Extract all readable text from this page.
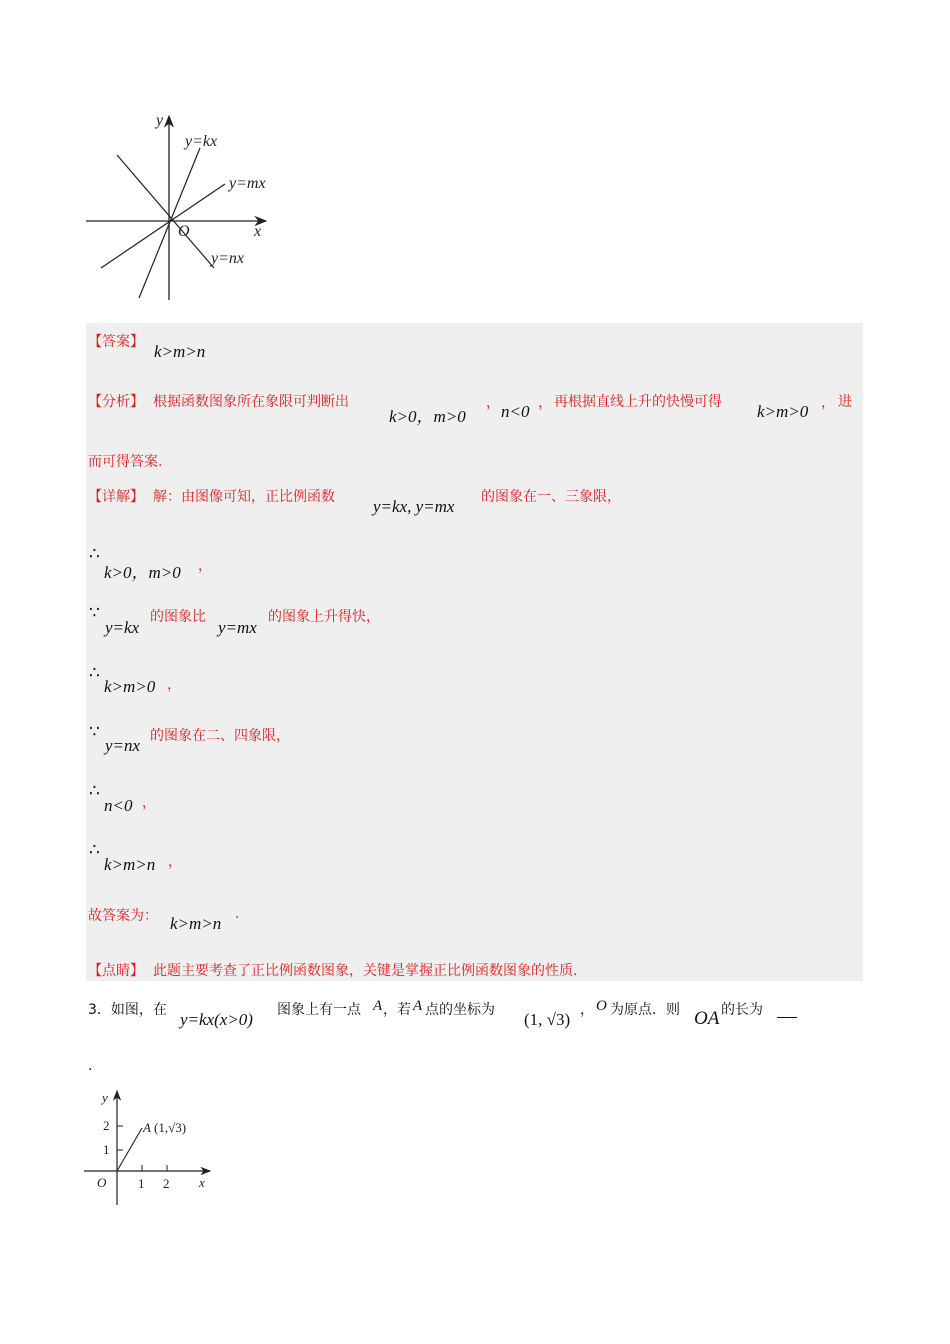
y
x
O
y=kx
y=mx
y=nx
【答案】 k>m>n
【分析】 根据函数图象所在象限可判断出
k>0，m>0
， n<0 ， 再根据直线上升的快慢可得 k>m>0 ， 进
而可得答案.
【详解】 解：由图像可知，正比例函数 y=kx, y=mx 的图象在一、三象限，
∴
k>0，m>0 ，
∵
y=kx
的图象比
y=mx
的图象上升得快，
∴
k>m>0 ，
∵
y=nx 的图象在二、四象限，
∴
n<0 ，
∴
k>m>n ，
故答案为： k>m>n .
【点睛】 此题主要考查了正比例函数图象，关键是掌握正比例函数图象的性质.
3．如图，在 y=kx(x>0) 图象上有一点 A ，若 A 点的坐标为 (1, √3) ， O 为原点．则 OA 的长为 __
.
y
x
O
1
2
1 2
A (1,√3)
